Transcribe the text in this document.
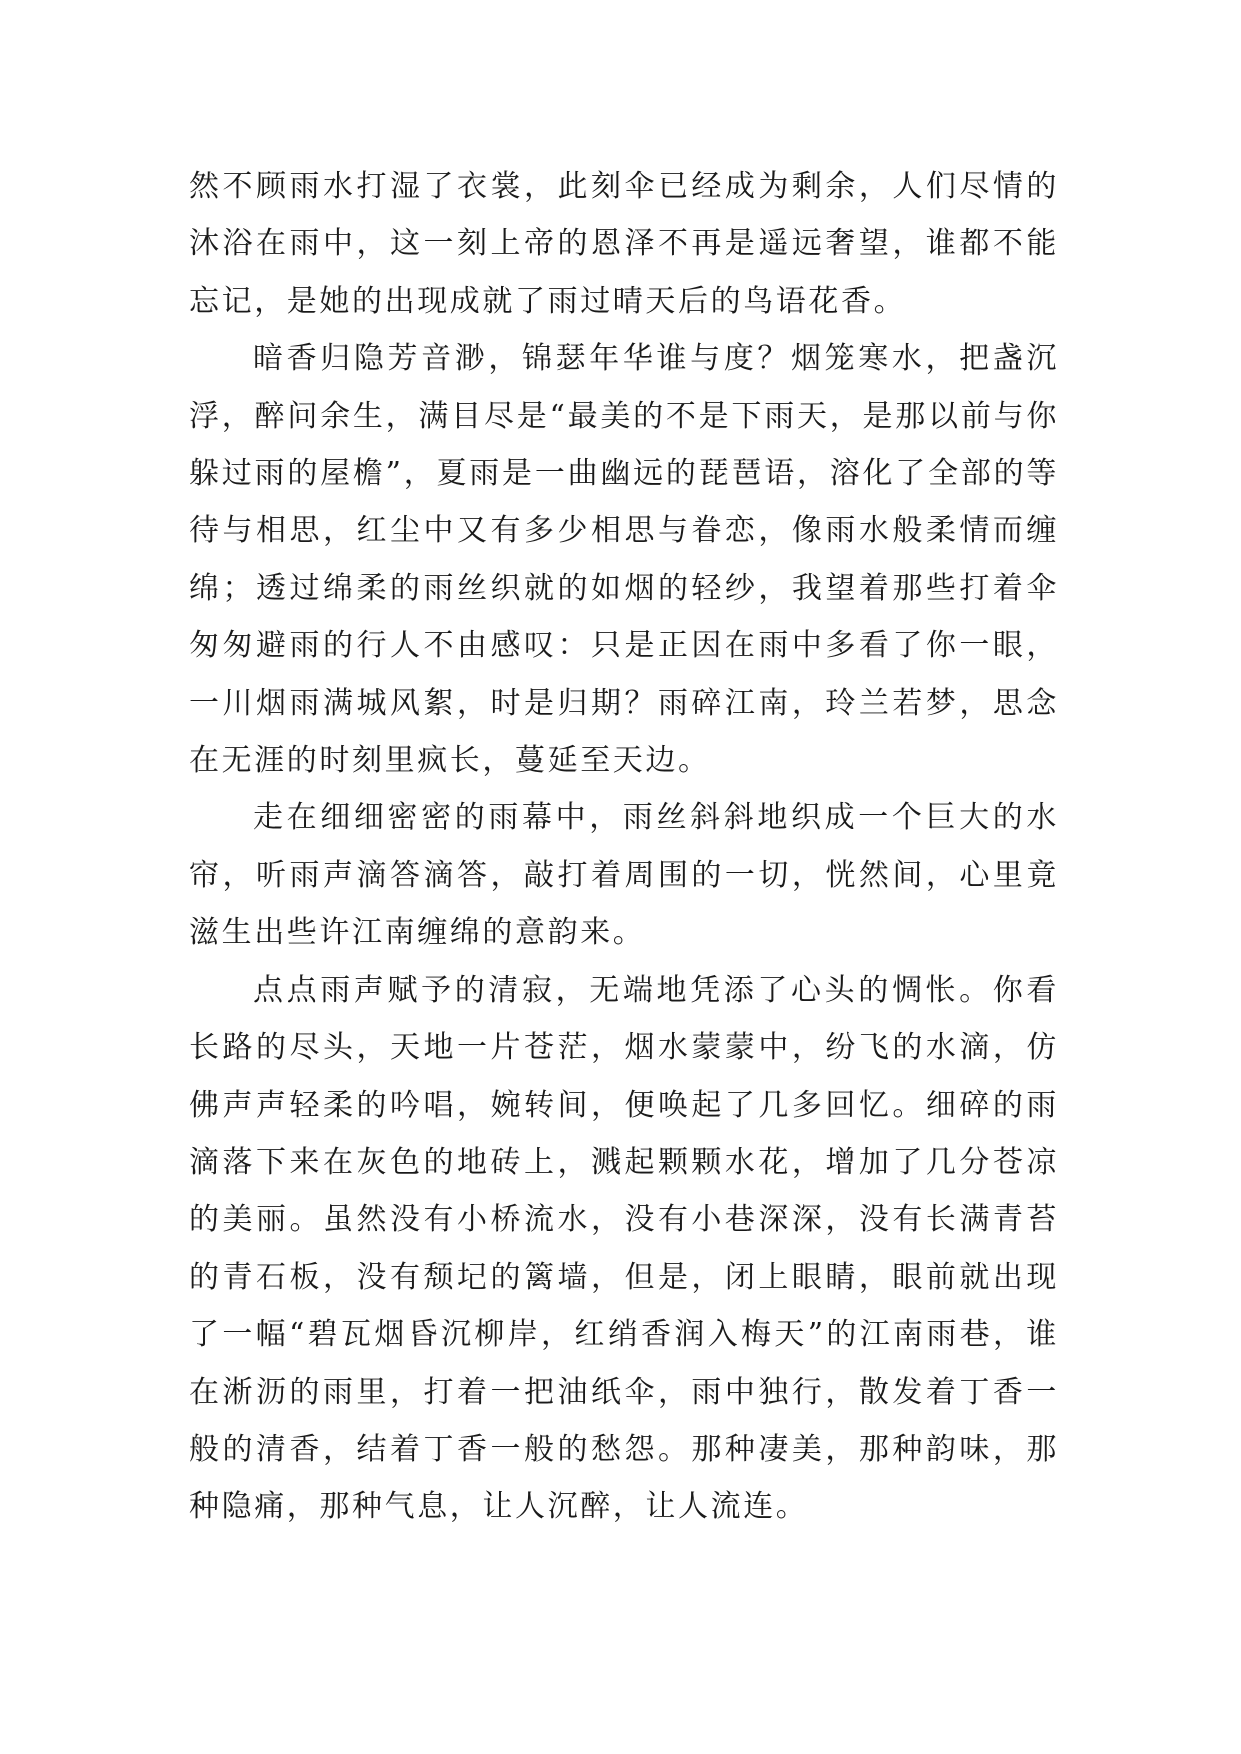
然不顾雨水打湿了衣裳，此刻伞已经成为剩余，人们尽情的沐浴在雨中，这一刻上帝的恩泽不再是遥远奢望，谁都不能忘记，是她的出现成就了雨过晴天后的鸟语花香。

暗香归隐芳音渺，锦瑟年华谁与度？烟笼寒水，把盏沉浮，醉问余生，满目尽是“最美的不是下雨天，是那以前与你躲过雨的屋檐”，夏雨是一曲幽远的琵琶语，溶化了全部的等待与相思，红尘中又有多少相思与眷恋，像雨水般柔情而缠绵；透过绵柔的雨丝织就的如烟的轻纱，我望着那些打着伞匆匆避雨的行人不由感叹：只是正因在雨中多看了你一眼，一川烟雨满城风絮，时是归期？雨碎江南，玲兰若梦，思念在无涯的时刻里疯长，蔓延至天边。

走在细细密密的雨幕中，雨丝斜斜地织成一个巨大的水帘，听雨声滴答滴答，敲打着周围的一切，恍然间，心里竟滋生出些许江南缠绵的意韵来。

点点雨声赋予的清寂，无端地凭添了心头的惆怅。你看长路的尽头，天地一片苍茫，烟水蒙蒙中，纷飞的水滴，仿佛声声轻柔的吟唱，婉转间，便唤起了几多回忆。细碎的雨滴落下来在灰色的地砖上，溅起颗颗水花，增加了几分苍凉的美丽。虽然没有小桥流水，没有小巷深深，没有长满青苔的青石板，没有颓圮的篱墙，但是，闭上眼睛，眼前就出现了一幅“碧瓦烟昏沉柳岸，红绡香润入梅天”的江南雨巷，谁在淅沥的雨里，打着一把油纸伞，雨中独行，散发着丁香一般的清香，结着丁香一般的愁怨。那种凄美，那种韵味，那种隐痛，那种气息，让人沉醉，让人流连。
